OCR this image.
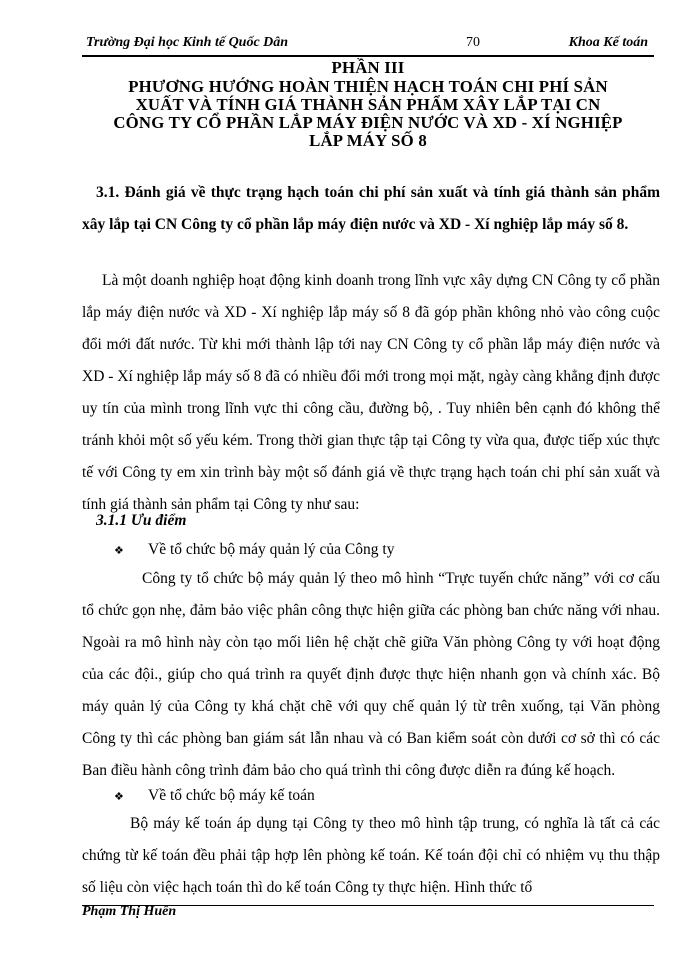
Trường Đại học Kinh tế Quốc Dân	70	Khoa Kế toán
PHẦN III
PHƯƠNG HƯỚNG HOÀN THIỆN HẠCH TOÁN CHI PHÍ SẢN
XUẤT VÀ TÍNH GIÁ THÀNH SẢN PHẨM XÂY LẮP TẠI CN
CÔNG TY CỔ PHẦN LẮP MÁY ĐIỆN NƯỚC VÀ XD - XÍ NGHIỆP
LẮP MÁY SỐ 8
3.1. Đánh giá về thực trạng hạch toán chi phí sản xuất và tính giá thành sản phẩm xây lắp tại CN Công ty cổ phần lắp máy điện nước và XD - Xí nghiệp lắp máy số 8.
Là một doanh nghiệp hoạt động kinh doanh trong lĩnh vực xây dựng CN Công ty cổ phần lắp máy điện nước và XD - Xí nghiệp lắp máy số 8 đã góp phần không nhỏ vào công cuộc đổi mới đất nước. Từ khi mới thành lập tới nay CN Công ty cổ phần lắp máy điện nước và XD - Xí nghiệp lắp máy số 8 đã có nhiều đổi mới trong mọi mặt, ngày càng khẳng định được uy tín của mình trong lĩnh vực thi công cầu, đường bộ, . Tuy nhiên bên cạnh đó không thể tránh khỏi một số yếu kém. Trong thời gian thực tập tại Công ty vừa qua, được tiếp xúc thực tế với Công ty em xin trình bày một số đánh giá về thực trạng hạch toán chi phí sản xuất và tính giá thành sản phẩm tại Công ty như sau:
3.1.1 Ưu điểm
❖ Về tổ chức bộ máy quản lý của Công ty
Công ty tổ chức bộ máy quản lý theo mô hình “Trực tuyến chức năng” với cơ cấu tổ chức gọn nhẹ, đảm bảo việc phân công thực hiện giữa các phòng ban chức năng với nhau. Ngoài ra mô hình này còn tạo mối liên hệ chặt chẽ giữa Văn phòng Công ty với hoạt động của các đội., giúp cho quá trình ra quyết định được thực hiện nhanh gọn và chính xác. Bộ máy quản lý của Công ty khá chặt chẽ với quy chế quản lý từ trên xuống, tại Văn phòng Công ty thì các phòng ban giám sát lẫn nhau và có Ban kiểm soát còn dưới cơ sở thì có các Ban điều hành công trình đảm bảo cho quá trình thi công được diễn ra đúng kế hoạch.
❖ Về tổ chức bộ máy kế toán
Bộ máy kế toán áp dụng tại Công ty theo mô hình tập trung, có nghĩa là tất cả các chứng từ kế toán đều phải tập hợp lên phòng kế toán. Kế toán đội chỉ có nhiệm vụ thu thập số liệu còn việc hạch toán thì do kế toán Công ty thực hiện. Hình thức tổ
Phạm Thị Huền
